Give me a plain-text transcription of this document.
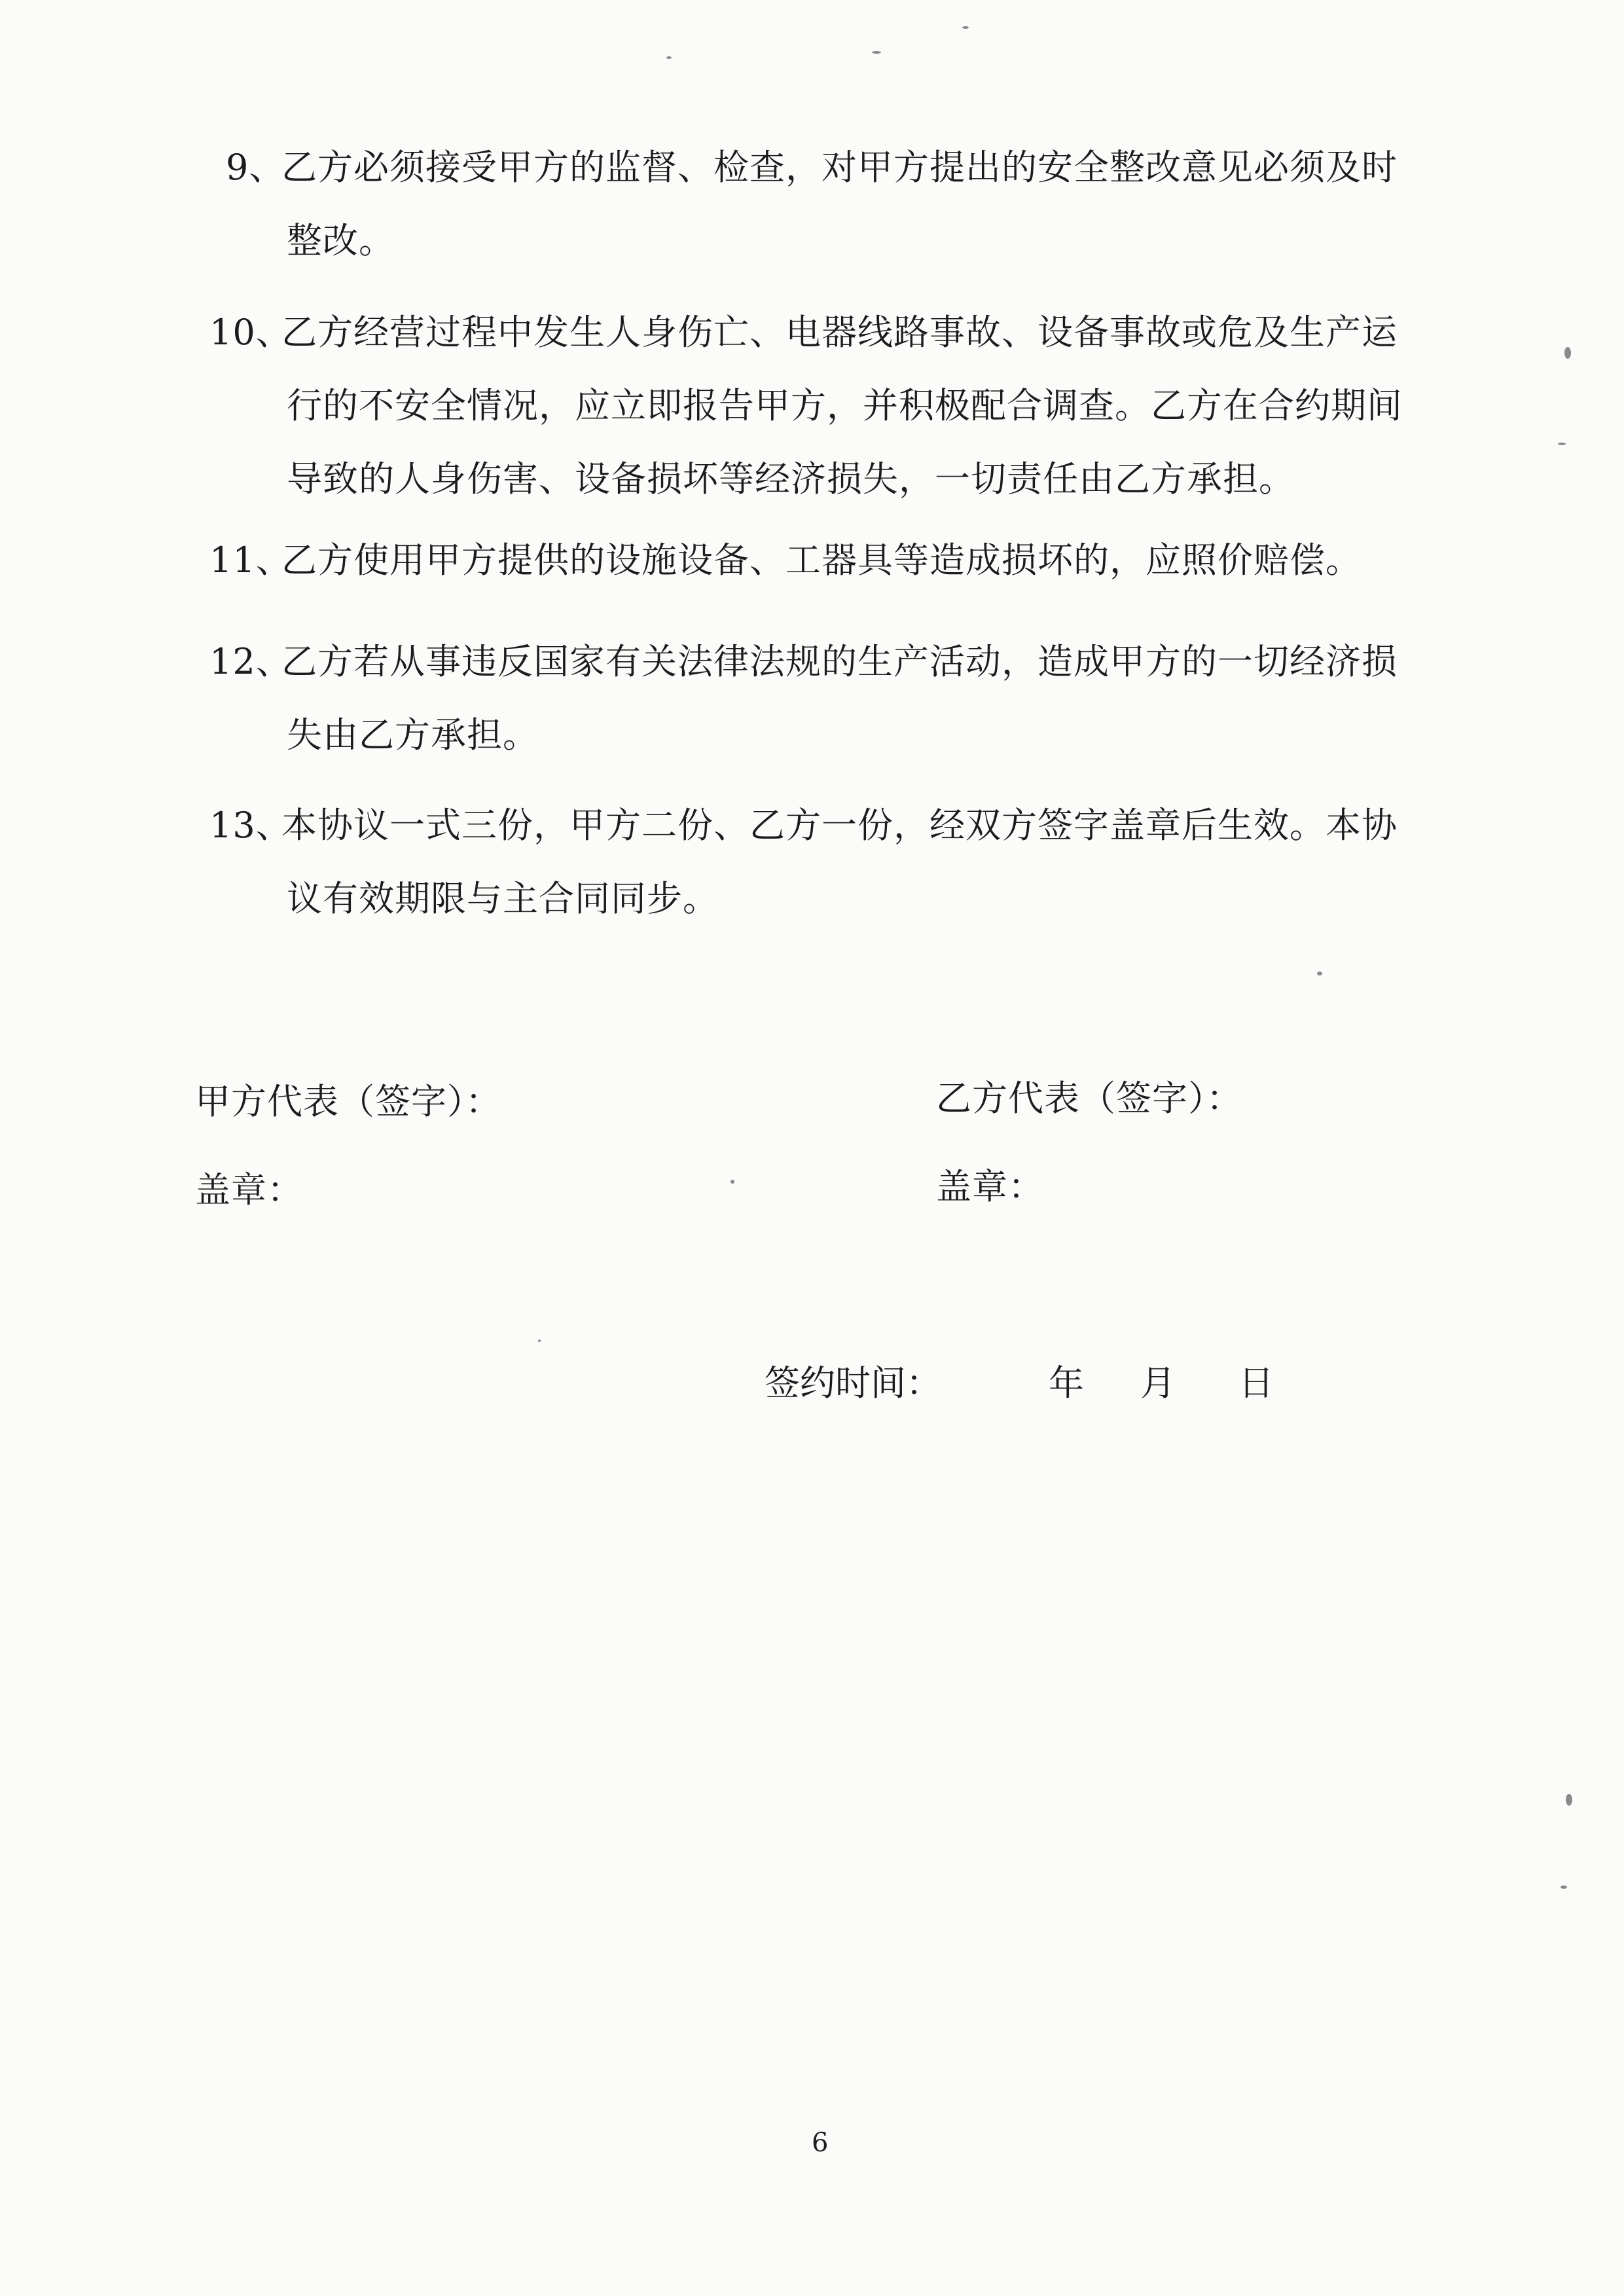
9、
乙方必须接受甲方的监督、检查，对甲方提出的安全整改意见必须及时
整改。
10、
乙方经营过程中发生人身伤亡、电器线路事故、设备事故或危及生产运
行的不安全情况，应立即报告甲方，并积极配合调查。乙方在合约期间
导致的人身伤害、设备损坏等经济损失，一切责任由乙方承担。
11、
乙方使用甲方提供的设施设备、工器具等造成损坏的，应照价赔偿。
12、
乙方若从事违反国家有关法律法规的生产活动，造成甲方的一切经济损
失由乙方承担。
13、
本协议一式三份，甲方二份、乙方一份，经双方签字盖章后生效。本协
议有效期限与主合同同步。
甲方代表（签字）：
盖章：
乙方代表（签字）：
盖章：
签约时间：	年 月 日
6
